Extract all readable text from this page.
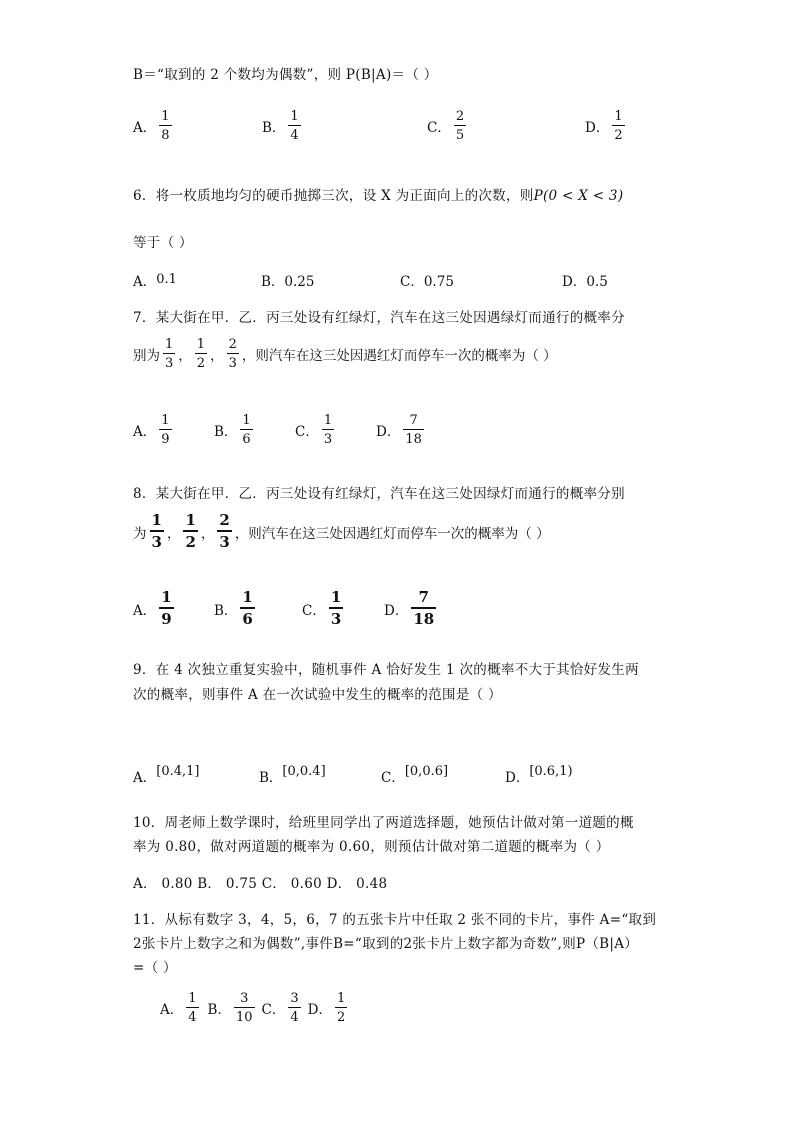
B＝“取到的 2 个数均为偶数”，则 P(B|A)＝（ ）
A． $\frac{1}{8}$	B． $\frac{1}{4}$	C． $\frac{2}{5}$	D． $\frac{1}{2}$
6．将一枚质地均匀的硬币抛掷三次，设 X 为正面向上的次数，则P(0 < X < 3)
等于（ ）
A．0.1	B．0.25	C．0.75	D．0.5
7．某大街在甲．乙．丙三处设有红绿灯，汽车在这三处因遇绿灯而通行的概率分
别为 $\frac{1}{3}$ ， $\frac{1}{2}$ ， $\frac{2}{3}$ ，则汽车在这三处因遇红灯而停车一次的概率为（ ）
A． $\frac{1}{9}$	B． $\frac{1}{6}$	C． $\frac{1}{3}$	D． $\frac{7}{18}$
8．某大街在甲．乙．丙三处设有红绿灯，汽车在这三处因绿灯而通行的概率分别
为 $\frac{1}{3}$ ， $\frac{1}{2}$ ， $\frac{2}{3}$ ，则汽车在这三处因遇红灯而停车一次的概率为（ ）
A． $\frac{1}{9}$	B． $\frac{1}{6}$	C． $\frac{1}{3}$	D． $\frac{7}{18}$
9．在 4 次独立重复实验中，随机事件 A 恰好发生 1 次的概率不大于其恰好发生两
次的概率，则事件 A 在一次试验中发生的概率的范围是（ ）
A．[0.4,1]	B．[0,0.4]	C．[0,0.6]	D．[0.6,1)
10．周老师上数学课时，给班里同学出了两道选择题，她预估计做对第一道题的概
率为 0.80，做对两道题的概率为 0.60，则预估计做对第二道题的概率为（ ）
A． 0.80 B． 0.75 C． 0.60 D． 0.48
11．从标有数字 3，4，5，6，7 的五张卡片中任取 2 张不同的卡片，事件 A=“取到
2张卡片上数字之和为偶数”,事件B=“取到的2张卡片上数字都为奇数”,则P（B|A）
=（ ）
A． $\frac{1}{4}$ B． $\frac{3}{10}$ C． $\frac{3}{4}$ D． $\frac{1}{2}$
